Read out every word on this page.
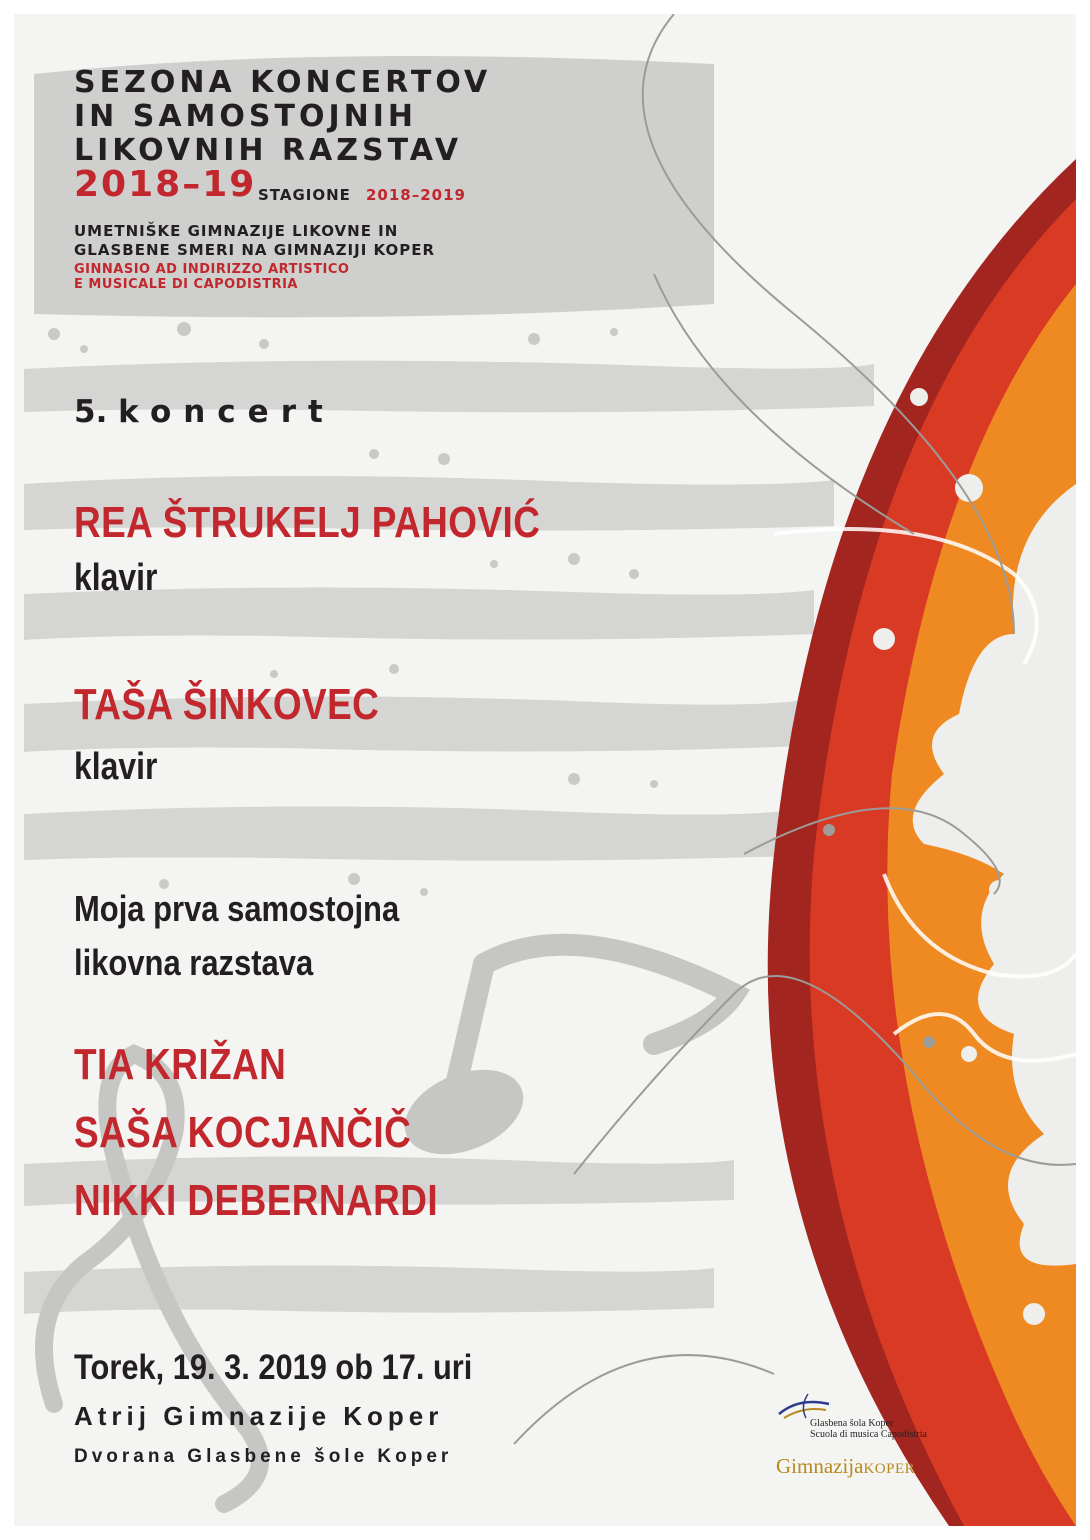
SEZONA KONCERTOV

IN SAMOSTOJNIH

LIKOVNIH RAZSTAV

2018–19 STAGIONE 2018–2019

UMETNIŠKE GIMNAZIJE LIKOVNE IN

GLASBENE SMERI NA GIMNAZIJI KOPER

GINNASIO AD INDIRIZZO ARTISTICO

E MUSICALE DI CAPODISTRIA

5. koncert

REA ŠTRUKELJ PAHOVIĆ

klavir

TAŠA ŠINKOVEC

klavir

Moja prva samostojna

likovna razstava

TIA KRIŽAN

SAŠA KOCJANČIČ

NIKKI DEBERNARDI

Torek, 19. 3. 2019 ob 17. uri

Atrij Gimnazije Koper

Dvorana Glasbene šole Koper

Glasbena šola Koper

Scuola di musica Capodistria

GimnazijaKOPER
